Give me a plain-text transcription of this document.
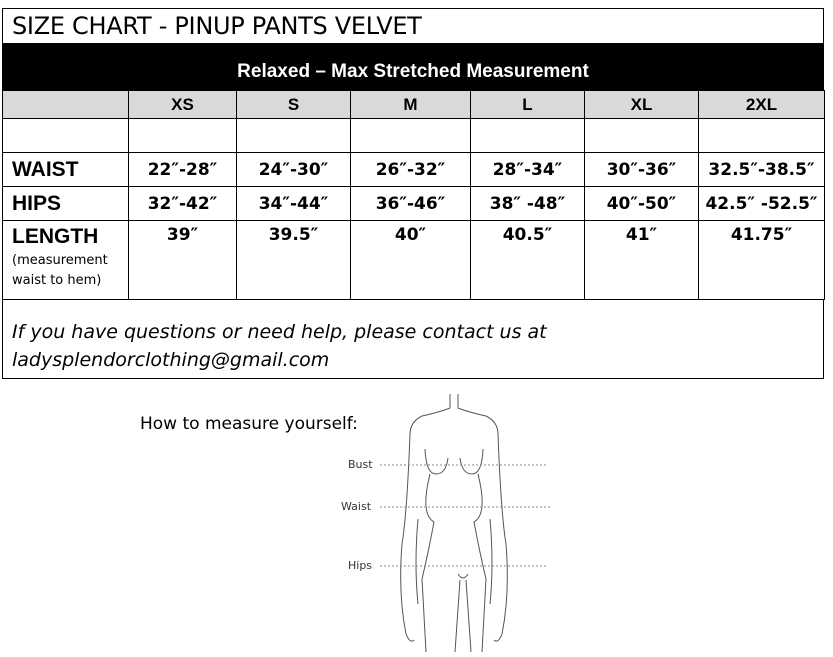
SIZE CHART - PINUP PANTS VELVET
Relaxed – Max Stretched Measurement
	XS	S	M	L	XL	2XL

WAIST	22″-28″	24″-30″	26″-32″	28″-34″	30″-36″	32.5″-38.5″
HIPS	32″-42″	34″-44″	36″-46″	38″ -48″	40″-50″	42.5″ -52.5″
LENGTH
(measurement waist to hem)	39″	39.5″	40″	40.5″	41″	41.75″
If you have questions or need help, please contact us at
ladysplendorclothing@gmail.com
How to measure yourself:
Bust
Waist
Hips
